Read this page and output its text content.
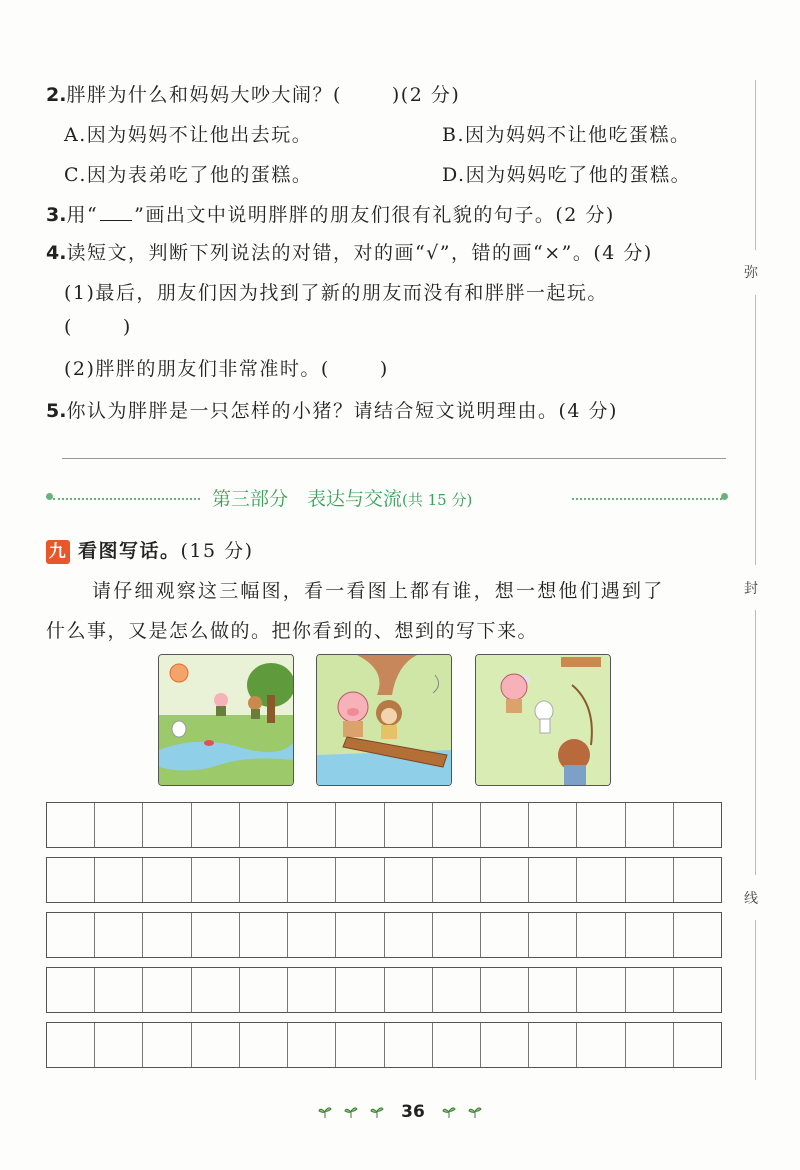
2.胖胖为什么和妈妈大吵大闹？(	)(2 分)
A.因为妈妈不让他出去玩。	B.因为妈妈不让他吃蛋糕。
C.因为表弟吃了他的蛋糕。	D.因为妈妈吃了他的蛋糕。
3.用“ ”画出文中说明胖胖的朋友们很有礼貌的句子。(2 分)
4.读短文，判断下列说法的对错，对的画“√”，错的画“×”。(4 分)
(1)最后，朋友们因为找到了新的朋友而没有和胖胖一起玩。
(	)
(2)胖胖的朋友们非常准时。(	)
5.你认为胖胖是一只怎样的小猪？请结合短文说明理由。(4 分)
第三部分　表达与交流(共 15 分)
九 看图写话。(15 分)
请仔细观察这三幅图，看一看图上都有谁，想一想他们遇到了
什么事，又是怎么做的。把你看到的、想到的写下来。
弥
封
线
36
